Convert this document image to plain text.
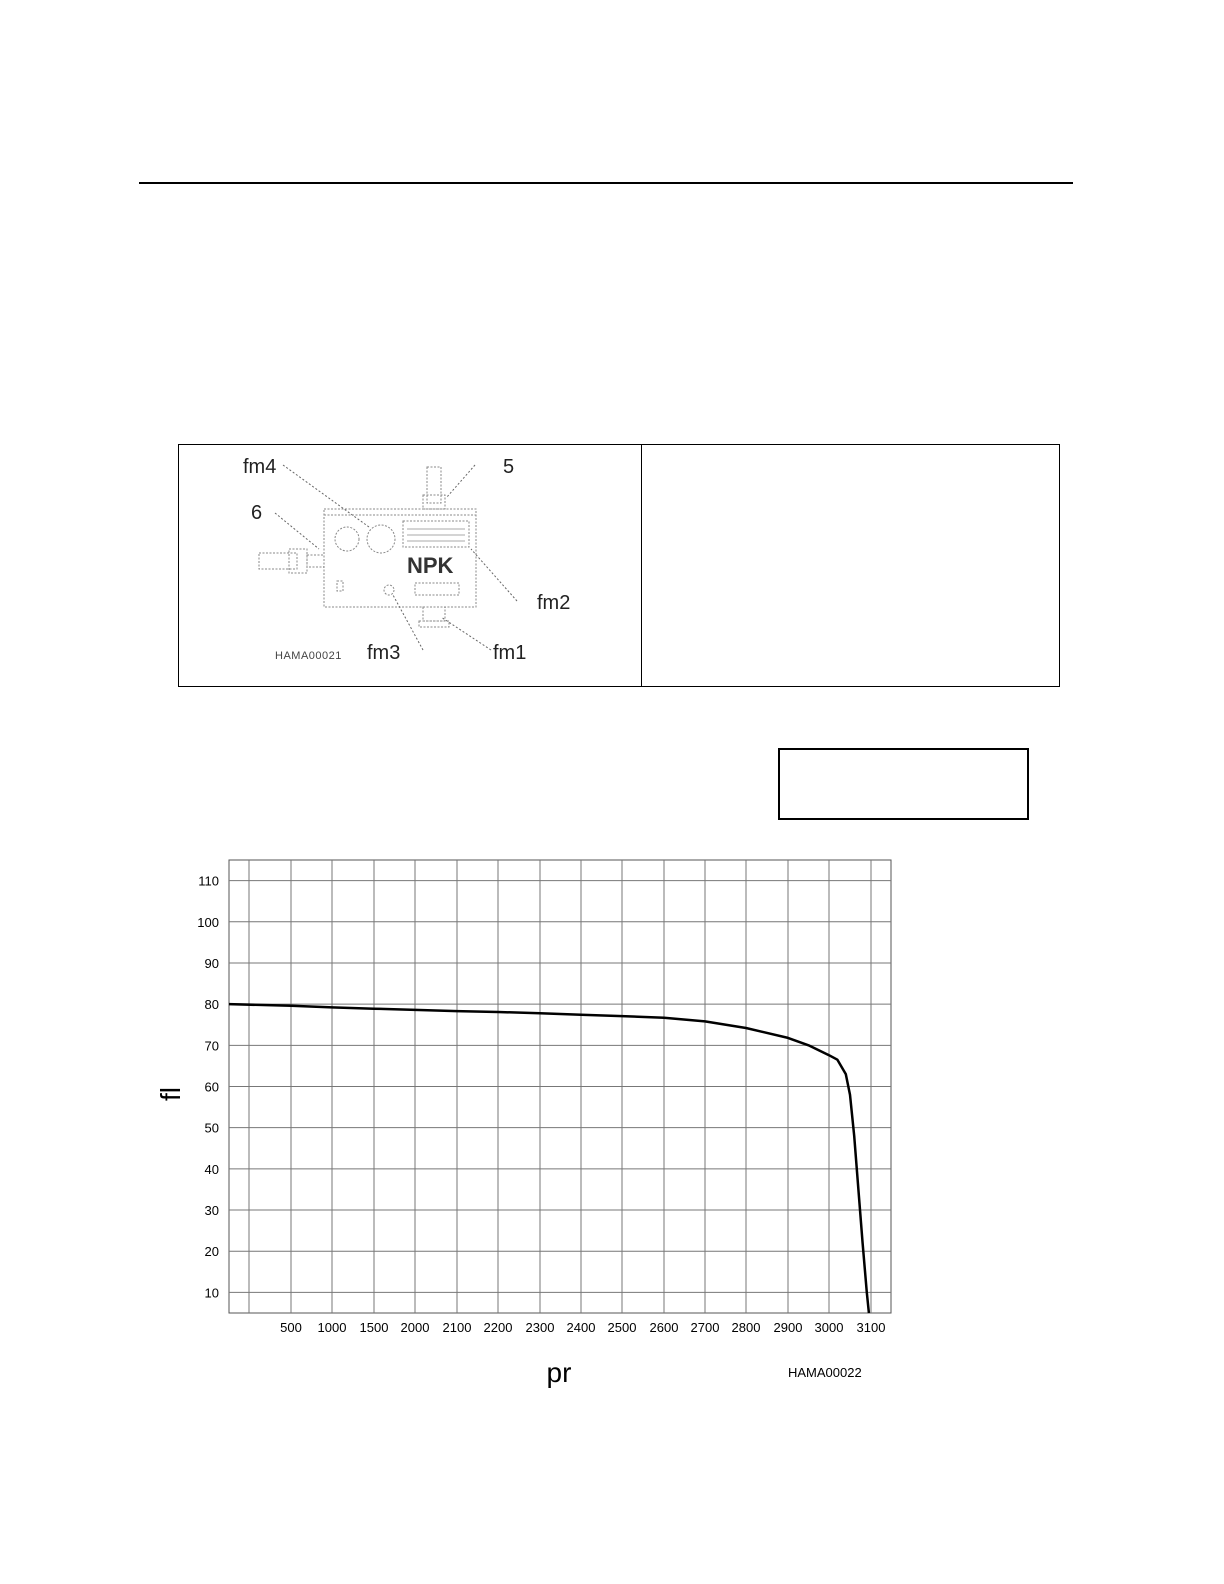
NPK
fm4	5
6
fm2
fm3	fm1
HAMA00021
500 1000 1500 2000 2100 2200 2300 2400 2500 2600 2700 2800 2900 3000 3100
10
20
30
40
50
60
70
80
90
100
110
fl
pr	HAMA00022
